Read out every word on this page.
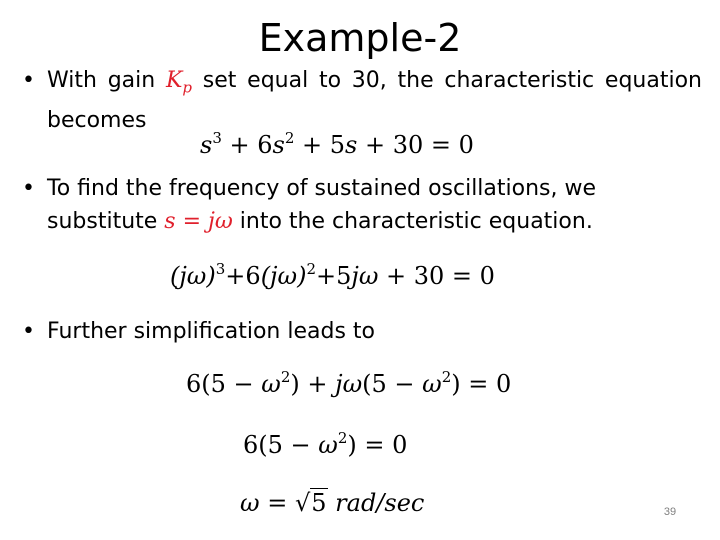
Example-2
• With gain $K_p$ set equal to 30, the characteristic equation becomes
$s^3 + 6s^2 + 5s + 30 = 0$
• To find the frequency of sustained oscillations, we substitute s = jω into the characteristic equation.
$(j\omega)^3+6(j\omega)^2+5j\omega + 30 = 0$
• Further simplification leads to
$6(5 - \omega^2) + j\omega(5 - \omega^2) = 0$
$6(5 - \omega^2) = 0$
ω = √5 rad/sec	39
